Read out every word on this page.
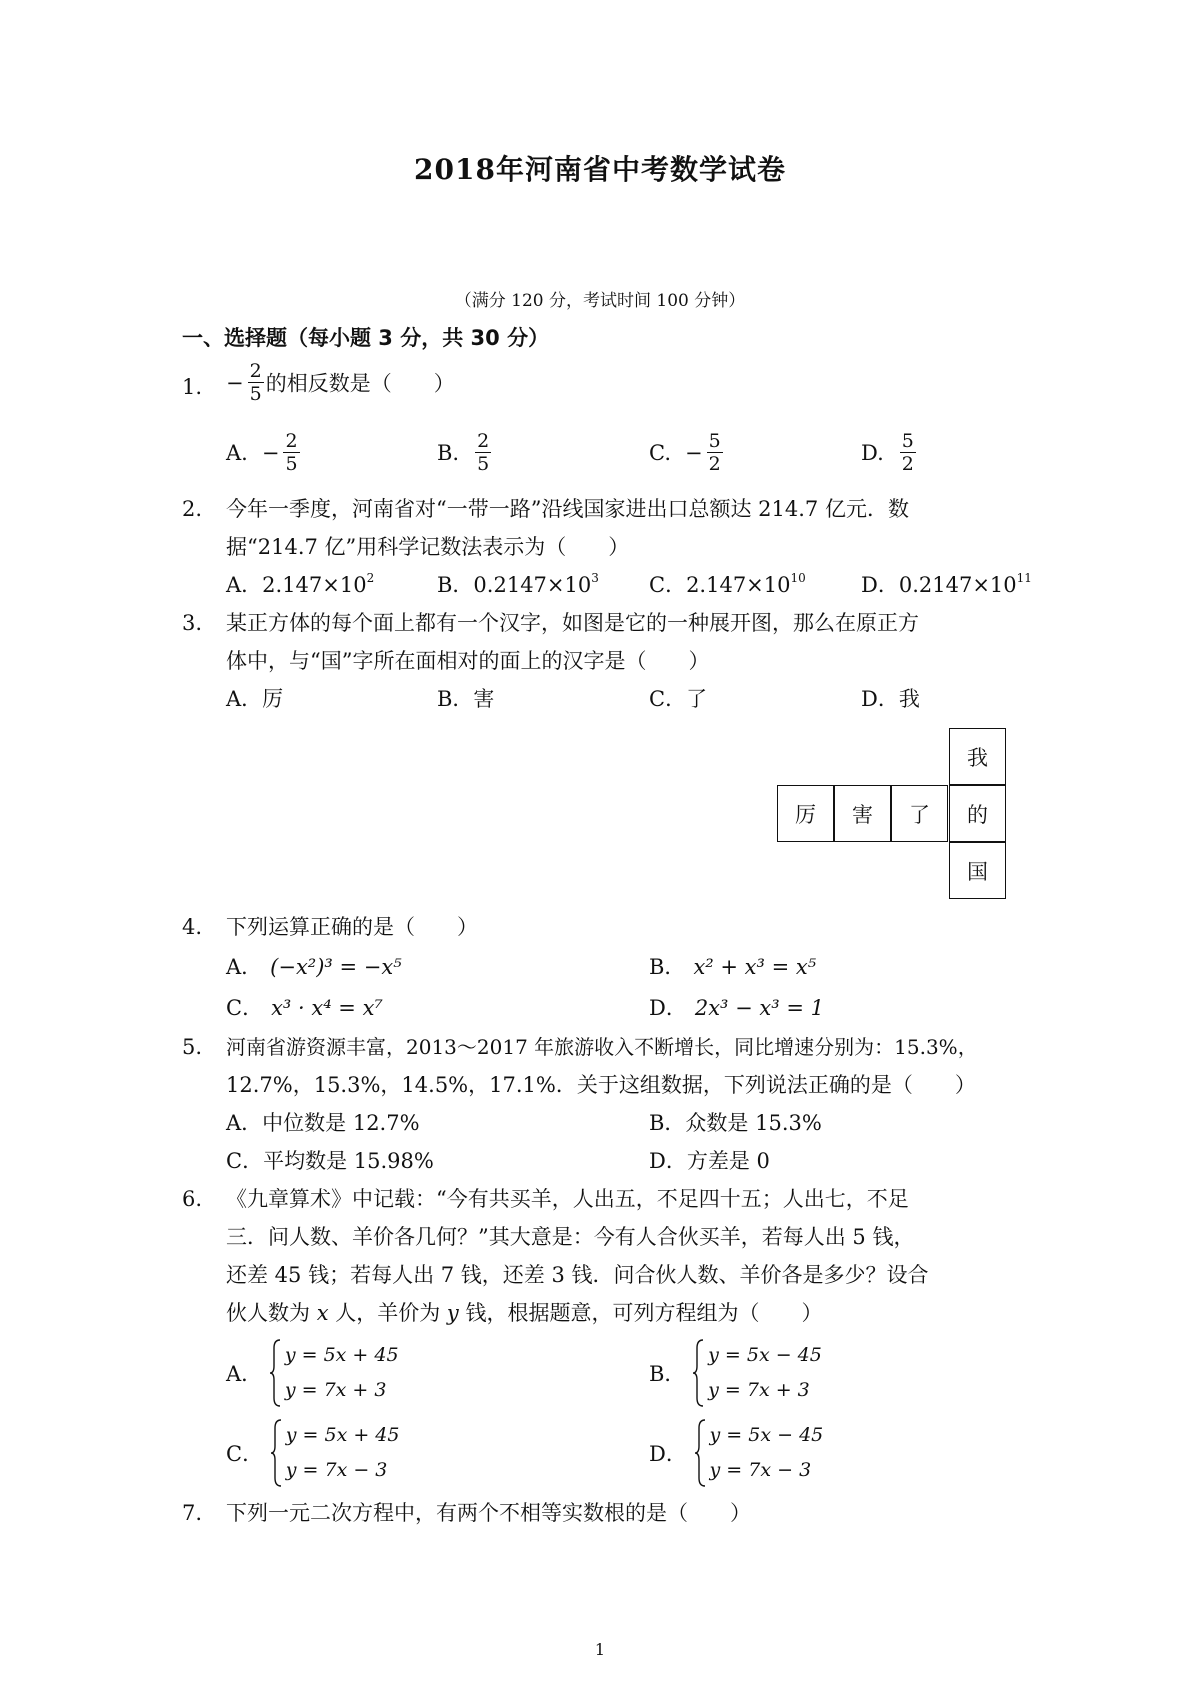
2018年河南省中考数学试卷
（满分 120 分，考试时间 100 分钟）
一、选择题（每小题 3 分，共 30 分）
1. − $\frac{2}{5}$ 的相反数是（　　）
A. − $\frac{2}{5}$	B. $\frac{2}{5}$	C. − $\frac{5}{2}$	D. $\frac{5}{2}$
2. 今年一季度，河南省对“一带一路”沿线国家进出口总额达 214.7 亿元．数
据“214.7 亿”用科学记数法表示为（　　）
A．$2.147\times 10^2$	B．$0.2147\times 10^3$ C．$2.147\times 10^{10}$	D．$0.2147\times 10^{11}$
3. 某正方体的每个面上都有一个汉字，如图是它的一种展开图，那么在原正方
体中，与“国”字所在面相对的面上的汉字是（　　）
A．厉	B．害	C．了	D．我
我
厉	害	了	的
国
4. 下列运算正确的是（　　）
A． (−x²)³ = −x⁵	B． x² + x³ = x⁵
C． x³ · x⁴ = x⁷	D． 2x³ − x³ = 1
5. 河南省游资源丰富，2013～2017 年旅游收入不断增长，同比增速分别为：15.3%，
12.7%，15.3%，14.5%，17.1%．关于这组数据，下列说法正确的是（　　）
A．中位数是 12.7%	B．众数是 15.3%
C．平均数是 15.98%	D．方差是 0
6. 《九章算术》中记载：“今有共买羊，人出五，不足四十五；人出七，不足
三．问人数、羊价各几何？”其大意是：今有人合伙买羊，若每人出 5 钱，
还差 45 钱；若每人出 7 钱，还差 3 钱．问合伙人数、羊价各是多少？设合
伙人数为 x 人，羊价为 y 钱，根据题意，可列方程组为（　　）
A．
y = 5x + 45
y = 7x + 3
B．
y = 5x − 45
y = 7x + 3
C．
y = 5x + 45
y = 7x − 3
D．
y = 5x − 45
y = 7x − 3
7. 下列一元二次方程中，有两个不相等实数根的是（　　）
1
